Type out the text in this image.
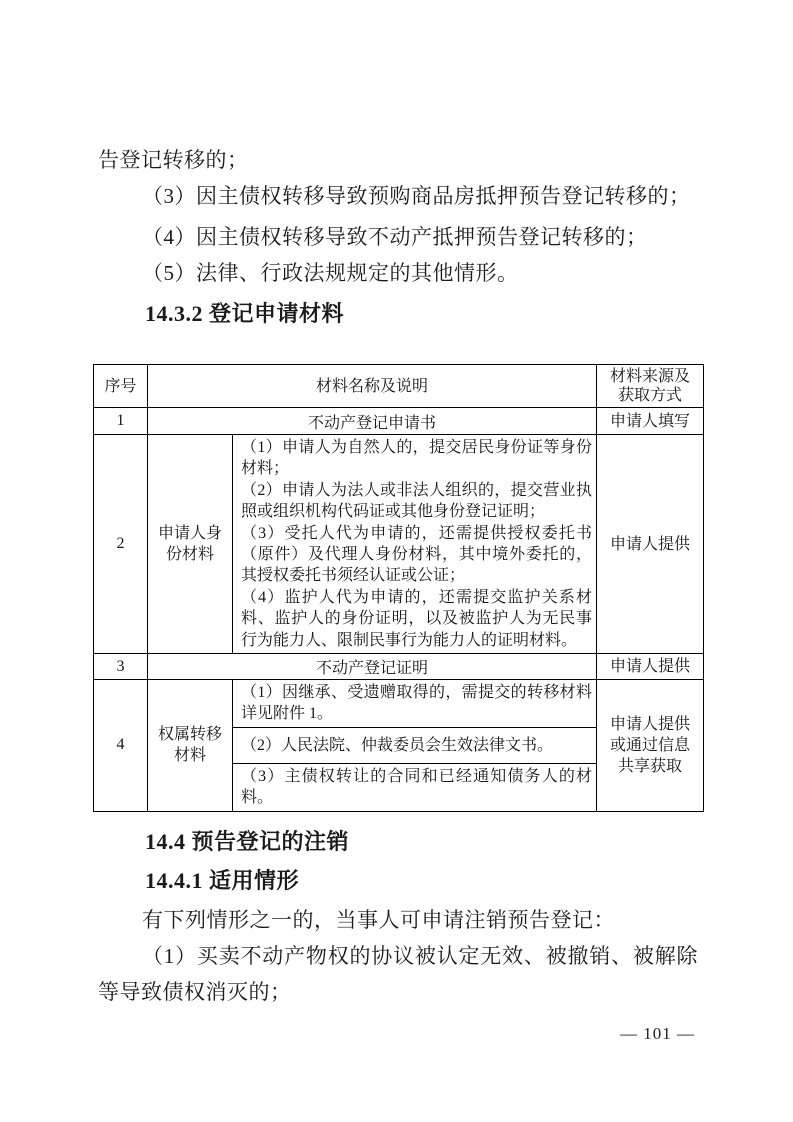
告登记转移的；

（3）因主债权转移导致预购商品房抵押预告登记转移的；

（4）因主债权转移导致不动产抵押预告登记转移的；

（5）法律、行政法规规定的其他情形。

14.3.2 登记申请材料
序号	材料名称及说明		材料来源及获取方式
1	不动产登记申请书		申请人填写
2	申请人身份材料	（1）申请人为自然人的，提交居民身份证等身份材料；
（2）申请人为法人或非法人组织的，提交营业执照或组织机构代码证或其他身份登记证明；
（3）受托人代为申请的，还需提供授权委托书（原件）及代理人身份材料，其中境外委托的，其授权委托书须经认证或公证；
（4）监护人代为申请的，还需提交监护关系材料、监护人的身份证明，以及被监护人为无民事行为能力人、限制民事行为能力人的证明材料。	申请人提供
3	不动产登记证明		申请人提供
4	权属转移材料	（1）因继承、受遗赠取得的，需提交的转移材料详见附件 1。	申请人提供或通过信息共享获取
		（2）人民法院、仲裁委员会生效法律文书。	
		（3）主债权转让的合同和已经通知债务人的材料。	
14.4 预告登记的注销
14.4.1 适用情形

有下列情形之一的，当事人可申请注销预告登记：

（1）买卖不动产物权的协议被认定无效、被撤销、被解除等导致债权消灭的；

— 101 —
